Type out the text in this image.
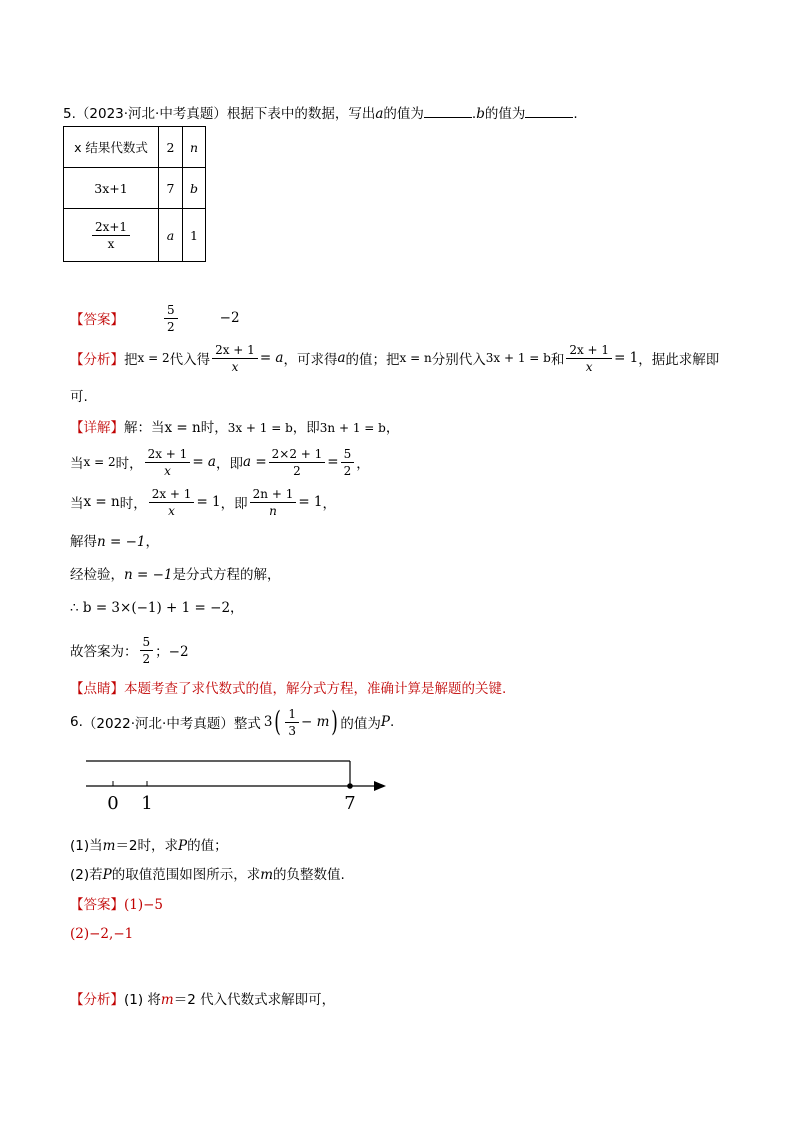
5.（2023·河北·中考真题）根据下表中的数据，写出a的值为	.b的值为	.
x 结果代数式	2	n
3x+1	7	b

$\frac{2x+1}{x}$	a	1
【答案】	$\frac{5}{2}$	−2
【分析】 把 x = 2 代入得 $\frac{2x + 1}{x} = a$ ，可求得 a 的值；把 x = n 分别代入 3x + 1 = b 和 $\frac{2x + 1}{x} = 1$ ，据此求解即
可.
【详解】解：当x = n时，3x + 1 = b，即3n + 1 = b，
当 x = 2 时， $\frac{2x + 1}{x} = a$ ，即 $a = \frac{2\times 2 + 1}{2} = \frac{5}{2}$ ，
当 x = n 时， $\frac{2x + 1}{x} = 1$ ，即 $\frac{2n + 1}{n} = 1$ ，
解得n = −1，
经检验，n = −1是分式方程的解，
∴ b = 3×(−1) + 1 = −2，
故答案为： $\frac{5}{2}$ ；−2
【点睛】本题考查了求代数式的值，解分式方程，准确计算是解题的关键.
6. （2022·河北·中考真题） 整式 3 ( $\frac{1}{3} - m$ ) 的值为 P .
0 1	7
(1)当m＝2时，求P的值；
(2)若P的取值范围如图所示，求m的负整数值.
【答案】(1)−5
(2)−2,−1
【分析】(1) 将m＝2 代入代数式求解即可，
